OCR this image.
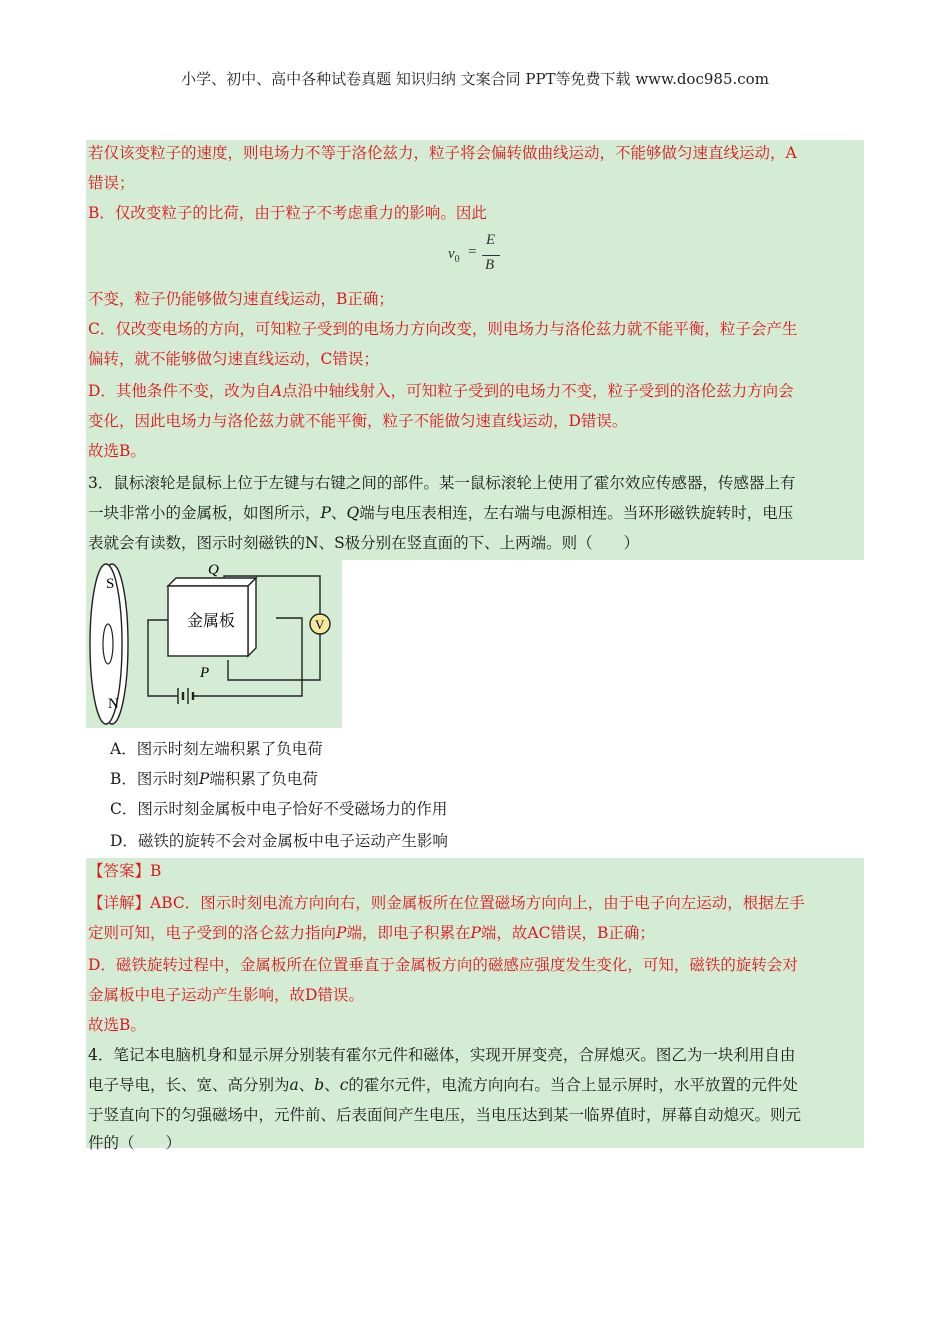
小学、初中、高中各种试卷真题 知识归纳 文案合同 PPT等免费下载 www.doc985.com
若仅该变粒子的速度，则电场力不等于洛伦兹力，粒子将会偏转做曲线运动，不能够做匀速直线运动，A
错误；
B．仅改变粒子的比荷，由于粒子不考虑重力的影响。因此
$v_0$ =
E
B
不变，粒子仍能够做匀速直线运动，B正确；
C．仅改变电场的方向，可知粒子受到的电场力方向改变，则电场力与洛伦兹力就不能平衡，粒子会产生
偏转，就不能够做匀速直线运动，C错误；
D．其他条件不变，改为自A点沿中轴线射入，可知粒子受到的电场力不变，粒子受到的洛伦兹力方向会
变化，因此电场力与洛伦兹力就不能平衡，粒子不能做匀速直线运动，D错误。
故选B。
3．鼠标滚轮是鼠标上位于左键与右键之间的部件。某一鼠标滚轮上使用了霍尔效应传感器，传感器上有
一块非常小的金属板，如图所示，P、Q端与电压表相连，左右端与电源相连。当环形磁铁旋转时，电压
表就会有读数，图示时刻磁铁的N、S极分别在竖直面的下、上两端。则（　　）
S
N
V
金属板
Q
P
A．图示时刻左端积累了负电荷
B．图示时刻P端积累了负电荷
C．图示时刻金属板中电子恰好不受磁场力的作用
D．磁铁的旋转不会对金属板中电子运动产生影响
【答案】B
【详解】ABC．图示时刻电流方向向右，则金属板所在位置磁场方向向上，由于电子向左运动，根据左手
定则可知，电子受到的洛仑兹力指向P端，即电子积累在P端，故AC错误，B正确；
D．磁铁旋转过程中，金属板所在位置垂直于金属板方向的磁感应强度发生变化，可知，磁铁的旋转会对
金属板中电子运动产生影响，故D错误。
故选B。
4．笔记本电脑机身和显示屏分别装有霍尔元件和磁体，实现开屏变亮，合屏熄灭。图乙为一块利用自由
电子导电，长、宽、高分别为a、b、c的霍尔元件，电流方向向右。当合上显示屏时，水平放置的元件处
于竖直向下的匀强磁场中，元件前、后表面间产生电压，当电压达到某一临界值时，屏幕自动熄灭。则元
件的（　　）
